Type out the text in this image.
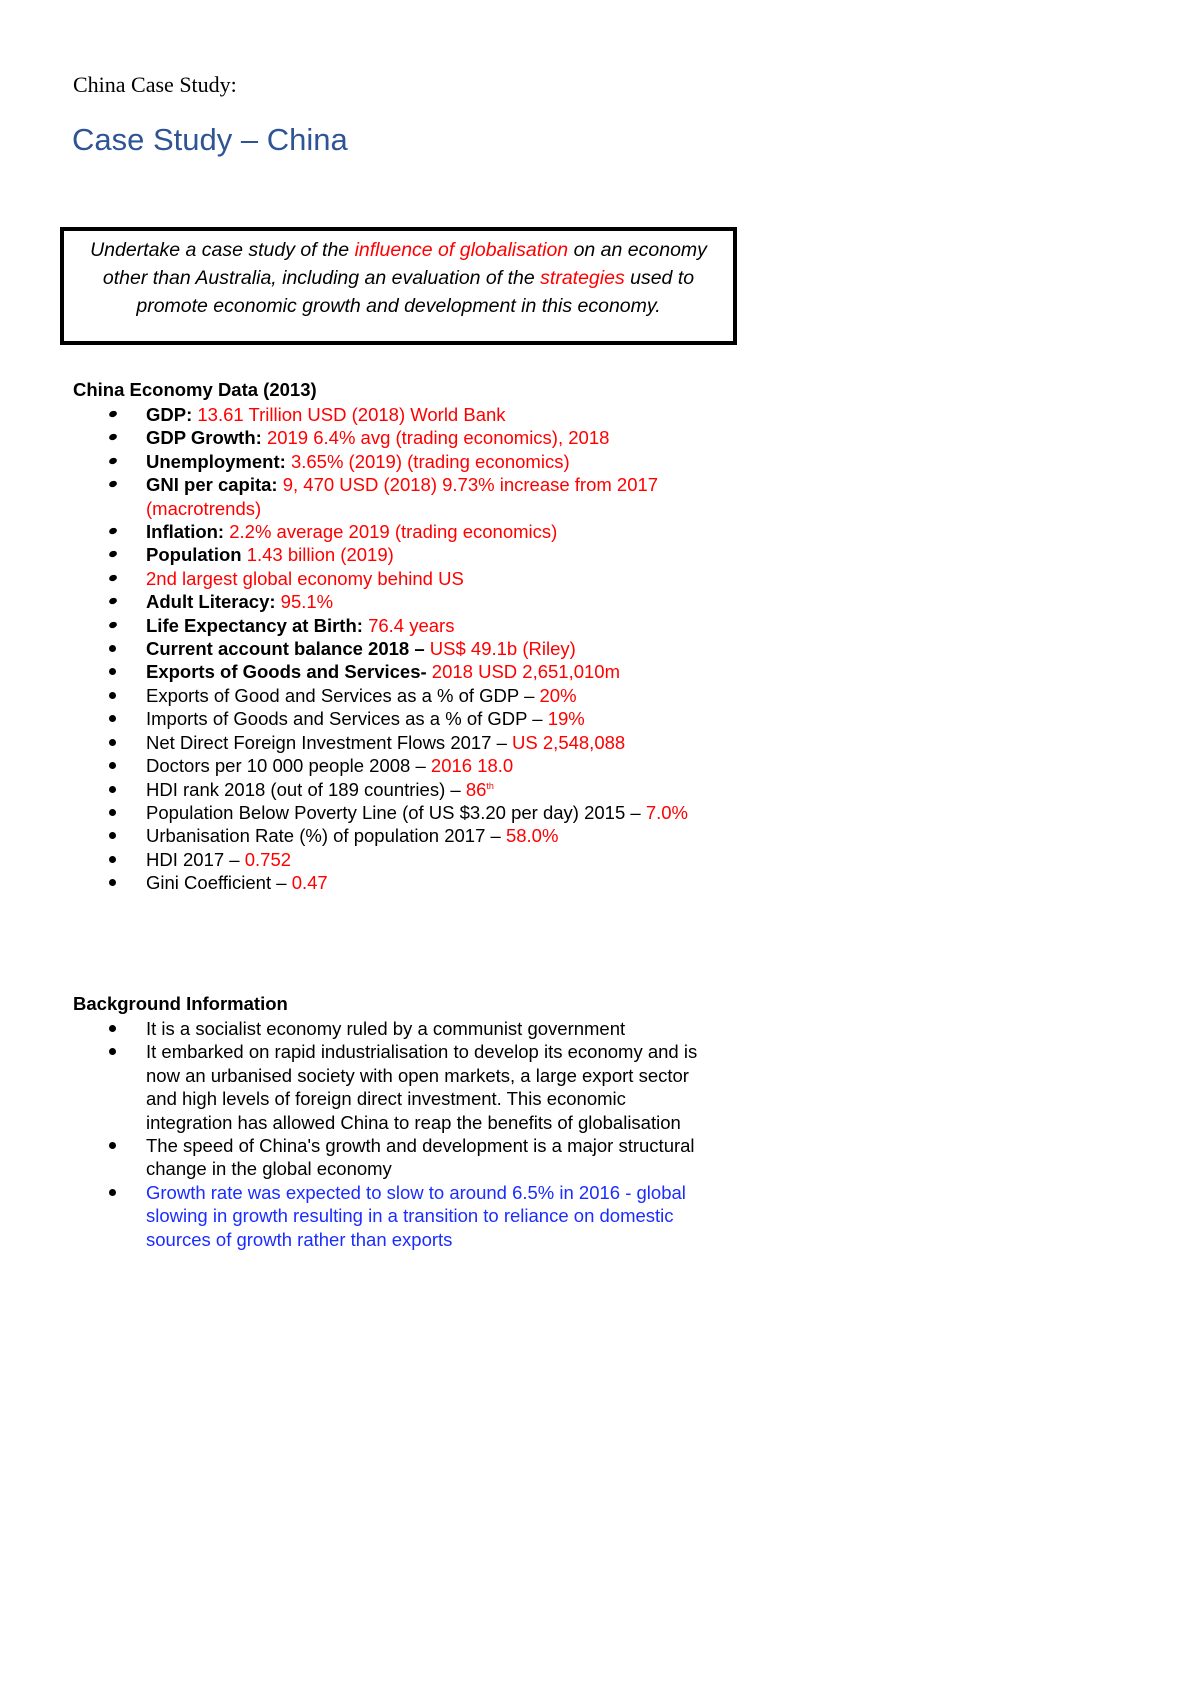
China Case Study:
Case Study – China
Undertake a case study of the influence of globalisation on an economy other than Australia, including an evaluation of the strategies used to promote economic growth and development in this economy.
China Economy Data (2013)
GDP: 13.61 Trillion USD (2018) World Bank
GDP Growth: 2019 6.4% avg (trading economics), 2018
Unemployment: 3.65% (2019) (trading economics)
GNI per capita: 9, 470 USD (2018) 9.73% increase from 2017 (macrotrends)
Inflation: 2.2% average 2019 (trading economics)
Population 1.43 billion (2019)
2nd largest global economy behind US
Adult Literacy: 95.1%
Life Expectancy at Birth: 76.4 years
Current account balance 2018 – US$ 49.1b (Riley)
Exports of Goods and Services- 2018 USD 2,651,010m
Exports of Good and Services as a % of GDP – 20%
Imports of Goods and Services as a % of GDP – 19%
Net Direct Foreign Investment Flows 2017 – US 2,548,088
Doctors per 10 000 people 2008 – 2016 18.0
HDI rank 2018 (out of 189 countries) – 86th
Population Below Poverty Line (of US $3.20 per day) 2015 – 7.0%
Urbanisation Rate (%) of population 2017 – 58.0%
HDI 2017 – 0.752
Gini Coefficient – 0.47
Background Information
It is a socialist economy ruled by a communist government
It embarked on rapid industrialisation to develop its economy and is now an urbanised society with open markets, a large export sector and high levels of foreign direct investment. This economic integration has allowed China to reap the benefits of globalisation
The speed of China's growth and development is a major structural change in the global economy
Growth rate was expected to slow to around 6.5% in 2016 - global slowing in growth resulting in a transition to reliance on domestic sources of growth rather than exports
